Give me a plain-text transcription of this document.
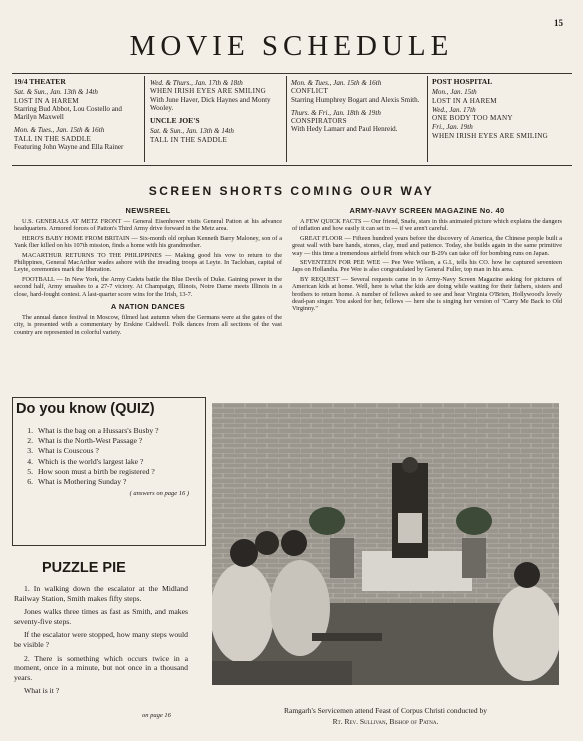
15
MOVIE SCHEDULE
19/4 THEATER
Sat. & Sun., Jan. 13th & 14th
LOST IN A HAREM
Starring Bud Abbot, Lou Costello and Marilyn Maxwell
Mon. & Tues., Jan. 15th & 16th
TALL IN THE SADDLE
Featuring John Wayne and Ella Rainer
Wed. & Thurs., Jan. 17th & 18th
WHEN IRISH EYES ARE SMILING
With June Haver, Dick Haynes and Monty Wooley.
UNCLE JOE'S
Sat. & Sun., Jan. 13th & 14th
TALL IN THE SADDLE
Mon. & Tues., Jan. 15th & 16th
CONFLICT
Starring Humphrey Bogart and Alexis Smith.
Thurs. & Fri., Jan. 18th & 19th
CONSPIRATORS
With Hedy Lamarr and Paul Henreid.
POST HOSPITAL
Mon., Jan. 15th
LOST IN A HAREM
Wed., Jan. 17th
ONE BODY TOO MANY
Fri., Jan. 19th
WHEN IRISH EYES ARE SMILING
SCREEN SHORTS COMING OUR WAY
NEWSREEL

U.S. GENERALS AT METZ FRONT — General Eisenhower visits General Patton at his advance headquarters. Armored forces of Patton's Third Army drive forward in the Metz area.

HERO'S BABY HOME FROM BRITAIN — Six-month old orphan Kenneth Barry Maloney, son of a Yank flier killed on his 107th mission, finds a home with his grandmother.

MACARTHUR RETURNS TO THE PHILIPPINES — Making good his vow to return to the Philippines, General MacArthur wades ashore with the invading troops at Leyte. In Tacloban, capital of Leyte, ceremonies mark the liberation.

FOOTBALL — In New York, the Army Cadets battle the Blue Devils of Duke. Gaining power in the second half, Army smashes to a 27-7 victory. At Champaign, Illinois, Notre Dame meets Illinois in a close, hard-fought contest. A last-quarter score wins for the Irish, 13-7.

A NATION DANCES

The annual dance festival in Moscow, filmed last autumn when the Germans were at the gates of the city, is presented with a commentary by Erskine Caldwell. Folk dances from all sections of the vast country are represented in colorful variety.

ARMY-NAVY SCREEN MAGAZINE No. 40

A FEW QUICK FACTS — Our friend, Snafu, stars in this animated picture which explains the dangers of inflation and how easily it can set in — if we aren't careful.

GREAT FLOOR — Fifteen hundred years before the discovery of America, the Chinese people built a great wall with bare hands, stones, clay, mud and patience. Today, she builds again in the same primitive way — this time a tremendous airfield from which our B-29's can take off for bombing runs on Japan.

SEVENTEEN FOR PEE WEE — Pee Wee Wilson, a G.I., tells his CO. how he captured seventeen Japs on Hollandia. Pee Wee is also congratulated by General Fuller, top man in his area.

BY REQUEST — Several requests came in to Army-Navy Screen Magazine asking for pictures of American kids at home. Well, here is what the kids are doing while waiting for their fathers, sisters and brothers to return home. A number of fellows asked to see and hear Virginia O'Brien, Hollywood's lovely dead-pan singer. You asked for her, fellows — here she is singing her version of "Carry Me Back to Old Virginny."

Do you know (QUIZ)
1. What is the bag on a Hussars's Busby ?
2. What is the North-West Passage ?
3. What is Couscous ?
4. Which is the world's largest lake ?
5. How soon must a birth be registered ?
6. What is Mothering Sunday ?
( answers on page 16 )
PUZZLE PIE

1. In walking down the escalator at the Midland Railway Station, Smith makes fifty steps.

Jones walks three times as fast as Smith, and makes seventy-five steps.

If the escalator were stopped, how many steps would be visible ?

2. There is something which occurs twice in a moment, once in a minute, but not once in a thousand years.

What is it ?

on page 16
Ramgarh's Servicemen attend Feast of Corpus Christi conducted by
Rt. Rev. Sullivan, Bishop of Patna.
